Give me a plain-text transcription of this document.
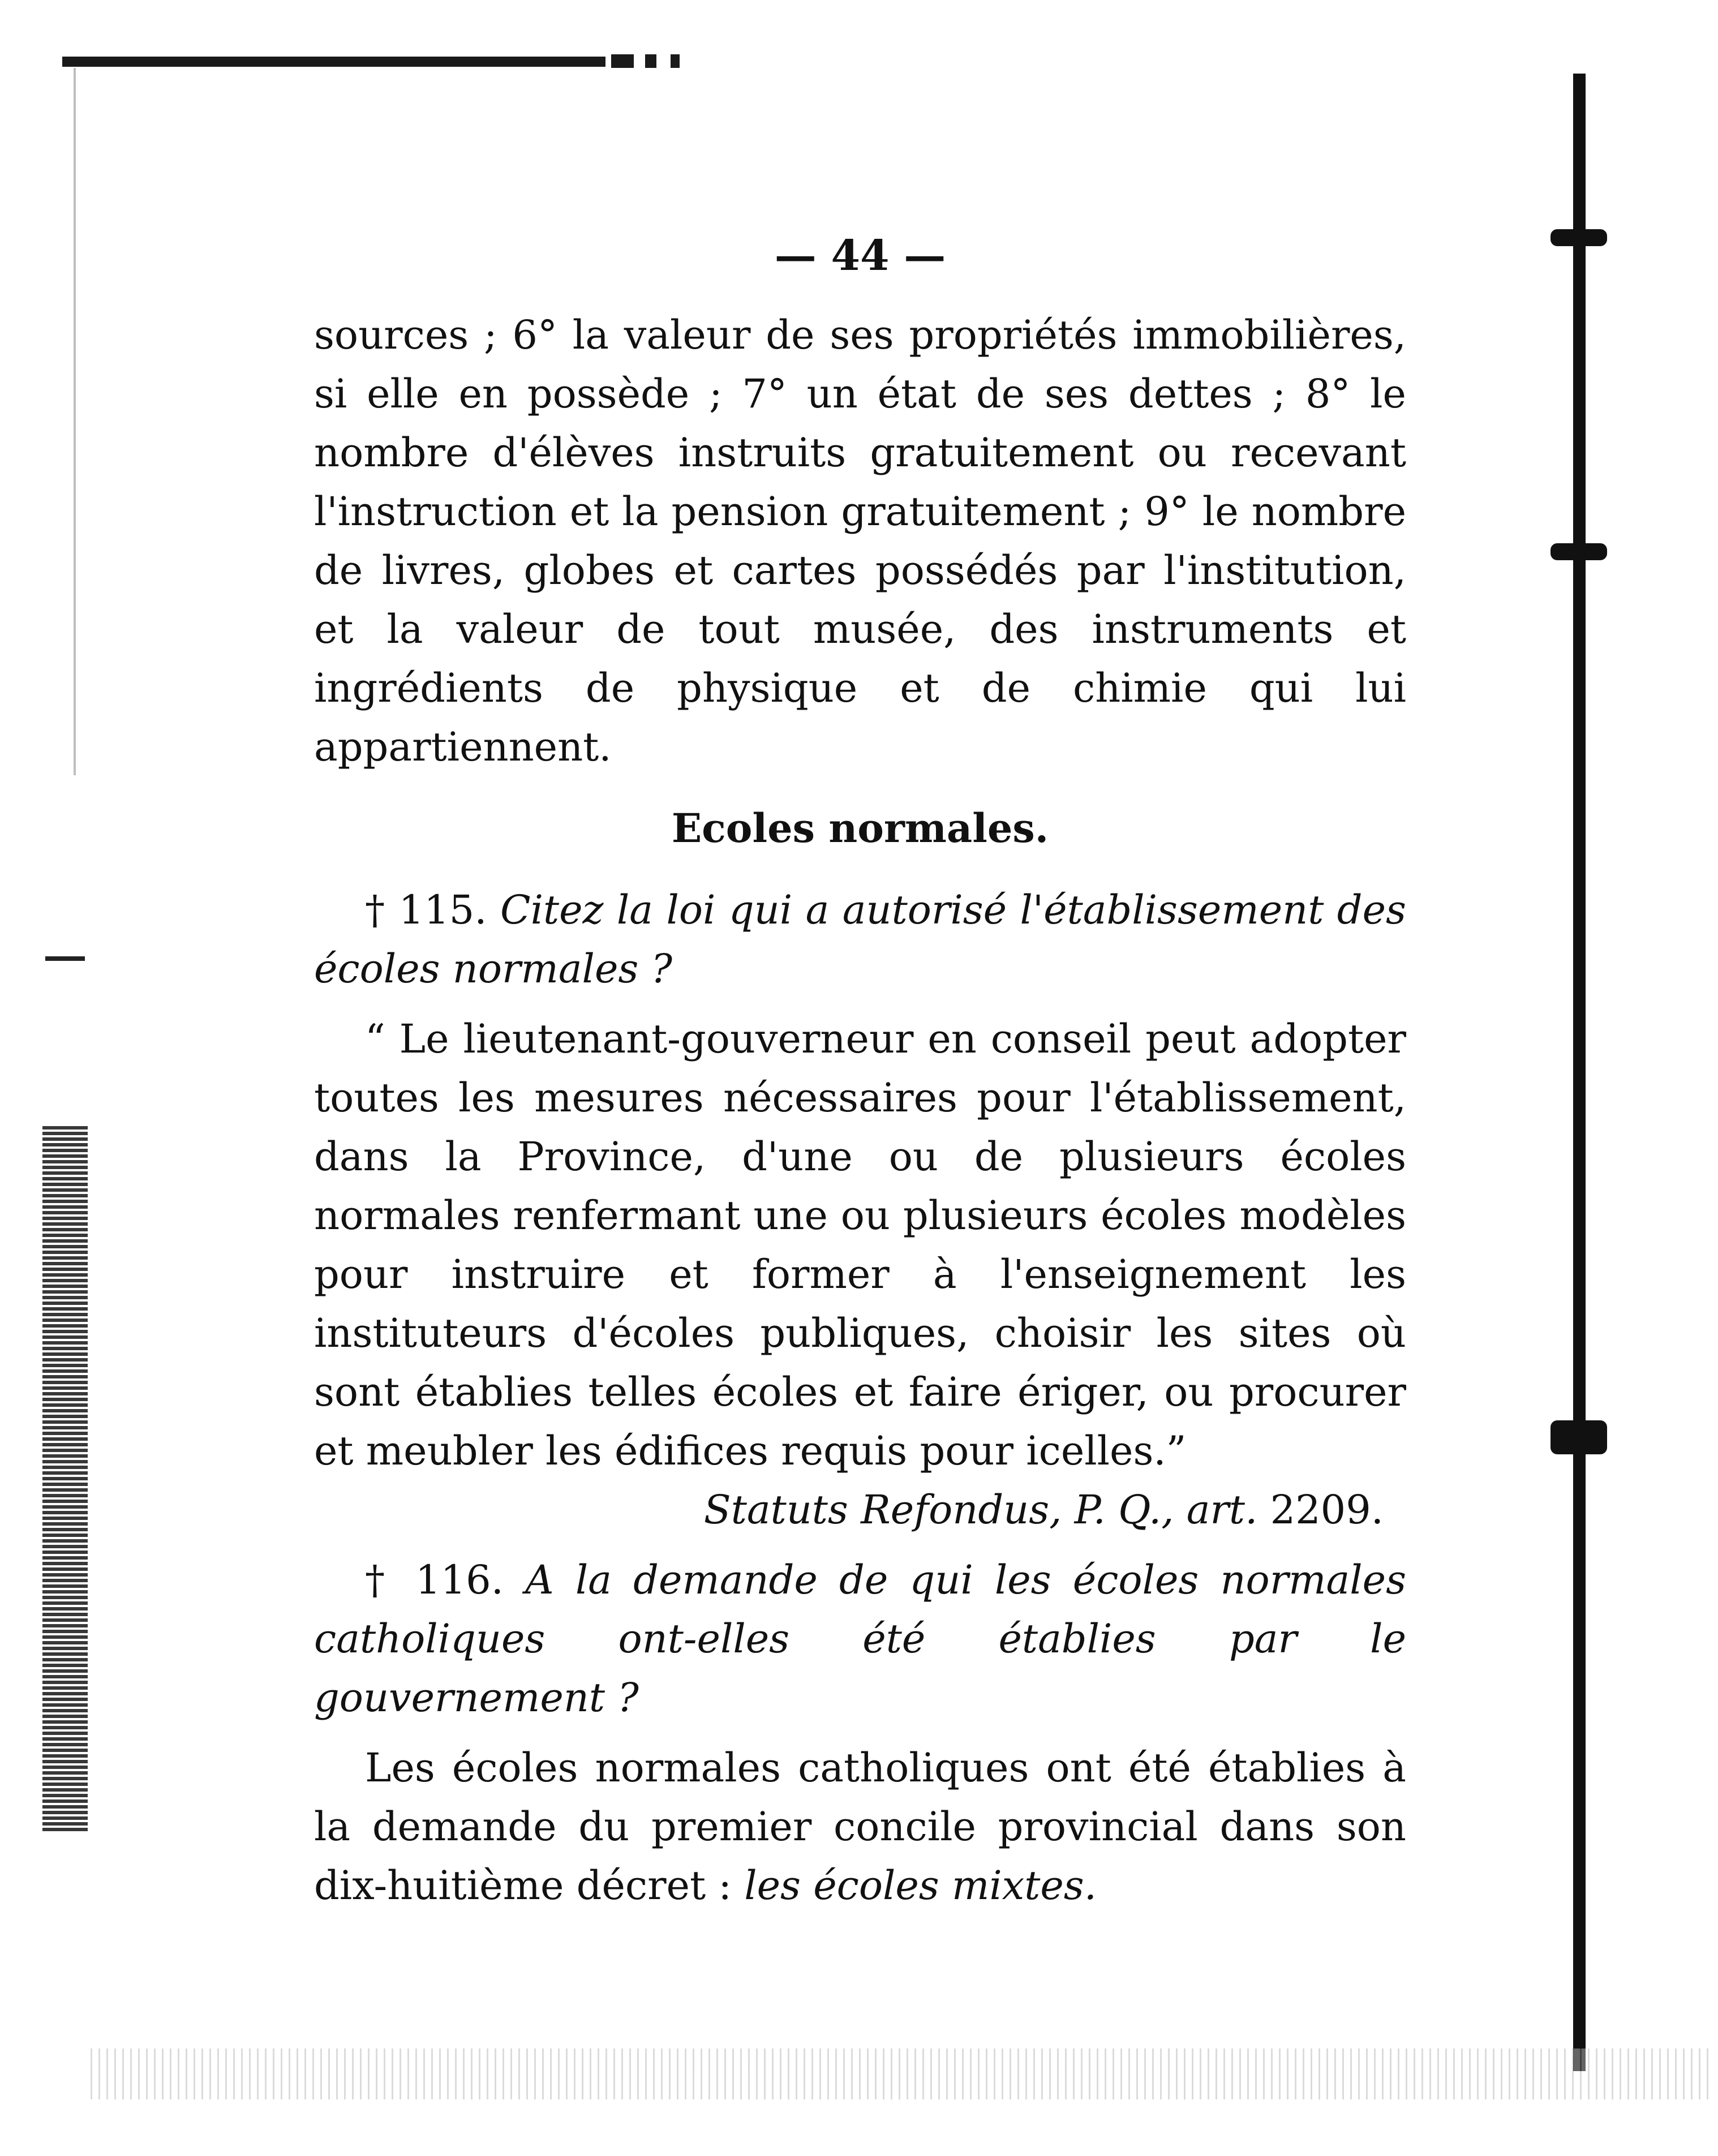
— 44 —

sources ; 6° la valeur de ses propriétés immobilières, si elle en possède ; 7° un état de ses dettes ; 8° le nombre d'élèves instruits gratuitement ou recevant l'instruction et la pension gratuitement ; 9° le nombre de livres, globes et cartes possédés par l'institution, et la valeur de tout musée, des instruments et ingrédients de physique et de chimie qui lui appartiennent.

Ecoles normales.

† 115. Citez la loi qui a autorisé l'établissement des écoles normales ?

“ Le lieutenant-gouverneur en conseil peut adopter toutes les mesures nécessaires pour l'établissement, dans la Province, d'une ou de plusieurs écoles normales renfermant une ou plusieurs écoles modèles pour instruire et former à l'enseignement les instituteurs d'écoles publiques, choisir les sites où sont établies telles écoles et faire ériger, ou procurer et meubler les édifices requis pour icelles.”

Statuts Refondus, P. Q., art. 2209.

† 116. A la demande de qui les écoles normales catholiques ont-elles été établies par le gouvernement ?

Les écoles normales catholiques ont été établies à la demande du premier concile provincial dans son dix-huitième décret : les écoles mixtes.
